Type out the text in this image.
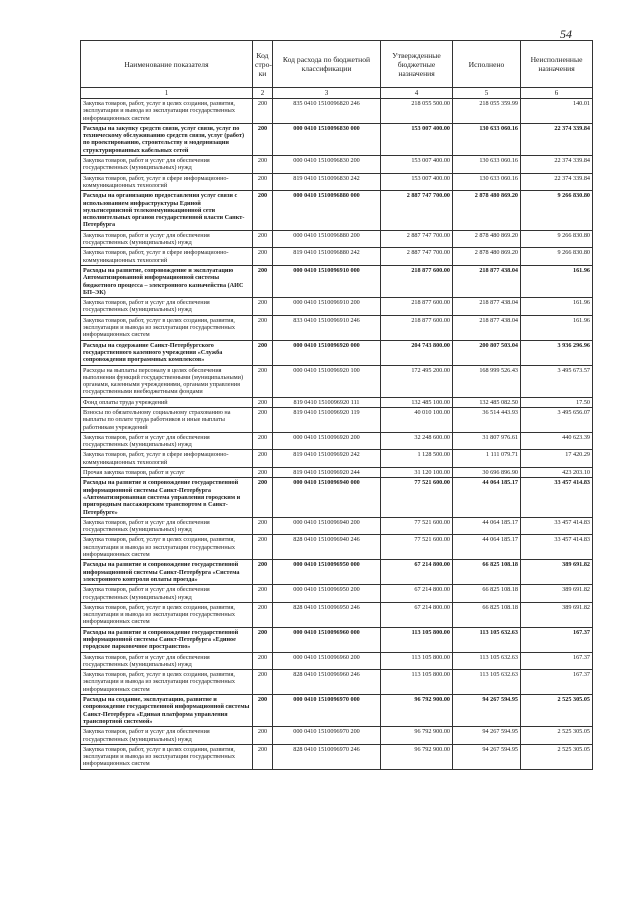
54
Наименование показателя	Код стро-ки	Код расхода по бюджетной классификации	Утвержденные бюджетные назначения	Исполнено	Неисполненные назначения
1	2	3	4	5	6
Закупка товаров, работ, услуг в целях создания, развития, эксплуатации и вывода из эксплуатации государственных информационных систем	200	835 0410 1510096820 246	218 055 500.00	218 055 359.99	140.01
Расходы на закупку средств связи, услуг связи, услуг по техническому обслуживанию средств связи, услуг (работ) по проектированию, строительству и модернизации структурированных кабельных сетей	200	000 0410 1510096830 000	153 007 400.00	130 633 060.16	22 374 339.84
Закупка товаров, работ и услуг для обеспечения государственных (муниципальных) нужд	200	000 0410 1510096830 200	153 007 400.00	130 633 060.16	22 374 339.84
Закупка товаров, работ, услуг в сфере информационно-коммуникационных технологий	200	819 0410 1510096830 242	153 007 400.00	130 633 060.16	22 374 339.84
Расходы на организацию предоставления услуг связи с использованием инфраструктуры Единой мультисервисной телекоммуникационной сети исполнительных органов государственной власти Санкт-Петербурга	200	000 0410 1510096880 000	2 887 747 700.00	2 878 480 869.20	9 266 830.80
Закупка товаров, работ и услуг для обеспечения государственных (муниципальных) нужд	200	000 0410 1510096880 200	2 887 747 700.00	2 878 480 869.20	9 266 830.80
Закупка товаров, работ, услуг в сфере информационно-коммуникационных технологий	200	819 0410 1510096880 242	2 887 747 700.00	2 878 480 869.20	9 266 830.80
Расходы на развитие, сопровождение и эксплуатацию Автоматизированной информационной системы бюджетного процесса – электронного казначейства (АИС БП–ЭК)	200	000 0410 1510096910 000	218 877 600.00	218 877 438.04	161.96
Закупка товаров, работ и услуг для обеспечения государственных (муниципальных) нужд	200	000 0410 1510096910 200	218 877 600.00	218 877 438.04	161.96
Закупка товаров, работ, услуг в целях создания, развития, эксплуатации и вывода из эксплуатации государственных информационных систем	200	833 0410 1510096910 246	218 877 600.00	218 877 438.04	161.96
Расходы на содержание Санкт-Петербургского государственного казенного учреждения «Служба сопровождения программных комплексов»	200	000 0410 1510096920 000	204 743 800.00	200 807 503.04	3 936 296.96
Расходы на выплаты персоналу в целях обеспечения выполнения функций государственными (муниципальными) органами, казенными учреждениями, органами управления государственными внебюджетными фондами	200	000 0410 1510096920 100	172 495 200.00	168 999 526.43	3 495 673.57
Фонд оплаты труда учреждений	200	819 0410 1510096920 111	132 485 100.00	132 485 082.50	17.50
Взносы по обязательному социальному страхованию на выплаты по оплате труда работников и иные выплаты работникам учреждений	200	819 0410 1510096920 119	40 010 100.00	36 514 443.93	3 495 656.07
Закупка товаров, работ и услуг для обеспечения государственных (муниципальных) нужд	200	000 0410 1510096920 200	32 248 600.00	31 807 976.61	440 623.39
Закупка товаров, работ, услуг в сфере информационно-коммуникационных технологий	200	819 0410 1510096920 242	1 128 500.00	1 111 079.71	17 420.29
Прочая закупка товаров, работ и услуг	200	819 0410 1510096920 244	31 120 100.00	30 696 896.90	423 203.10
Расходы на развитие и сопровождение государственной информационной системы Санкт-Петербурга «Автоматизированная система управления городским и пригородным пассажирским транспортом в Санкт-Петербурге»	200	000 0410 1510096940 000	77 521 600.00	44 064 185.17	33 457 414.83
Закупка товаров, работ и услуг для обеспечения государственных (муниципальных) нужд	200	000 0410 1510096940 200	77 521 600.00	44 064 185.17	33 457 414.83
Закупка товаров, работ, услуг в целях создания, развития, эксплуатации и вывода из эксплуатации государственных информационных систем	200	828 0410 1510096940 246	77 521 600.00	44 064 185.17	33 457 414.83
Расходы на развитие и сопровождение государственной информационной системы Санкт-Петербурга «Система электронного контроля оплаты проезда»	200	000 0410 1510096950 000	67 214 800.00	66 825 108.18	389 691.82
Закупка товаров, работ и услуг для обеспечения государственных (муниципальных) нужд	200	000 0410 1510096950 200	67 214 800.00	66 825 108.18	389 691.82
Закупка товаров, работ, услуг в целях создания, развития, эксплуатации и вывода из эксплуатации государственных информационных систем	200	828 0410 1510096950 246	67 214 800.00	66 825 108.18	389 691.82
Расходы на развитие и сопровождение государственной информационной системы Санкт-Петербурга «Единое городское парковочное пространство»	200	000 0410 1510096960 000	113 105 800.00	113 105 632.63	167.37
Закупка товаров, работ и услуг для обеспечения государственных (муниципальных) нужд	200	000 0410 1510096960 200	113 105 800.00	113 105 632.63	167.37
Закупка товаров, работ, услуг в целях создания, развития, эксплуатации и вывода из эксплуатации государственных информационных систем	200	828 0410 1510096960 246	113 105 800.00	113 105 632.63	167.37
Расходы на создание, эксплуатацию, развитие и сопровождение государственной информационной системы Санкт-Петербурга «Единая платформа управления транспортной системой»	200	000 0410 1510096970 000	96 792 900.00	94 267 594.95	2 525 305.05
Закупка товаров, работ и услуг для обеспечения государственных (муниципальных) нужд	200	000 0410 1510096970 200	96 792 900.00	94 267 594.95	2 525 305.05
Закупка товаров, работ, услуг в целях создания, развития, эксплуатации и вывода из эксплуатации государственных информационных систем	200	828 0410 1510096970 246	96 792 900.00	94 267 594.95	2 525 305.05
